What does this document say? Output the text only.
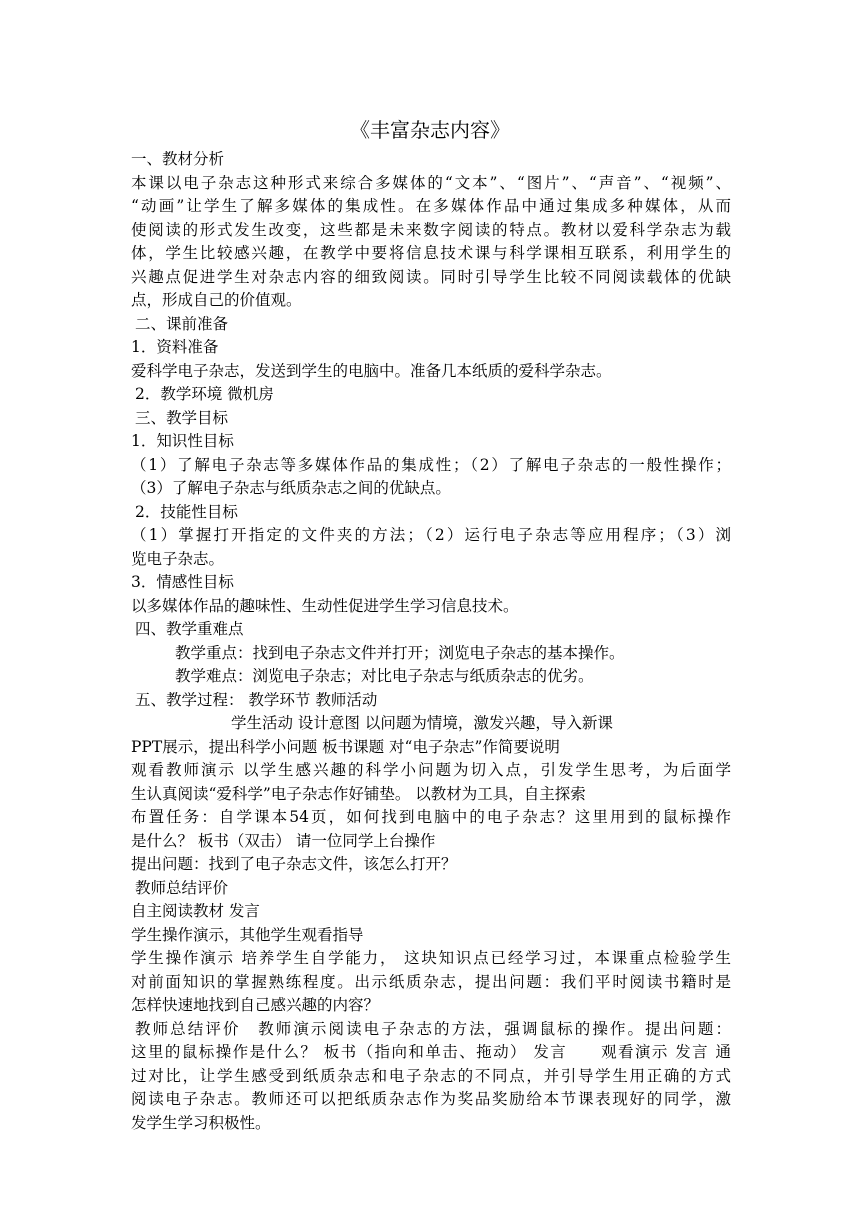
《丰富杂志内容》
一、教材分析
本课以电子杂志这种形式来综合多媒体的“文本”、“图片”、“声音”、“视频”、
“动画”让学生了解多媒体的集成性。在多媒体作品中通过集成多种媒体，从而
使阅读的形式发生改变，这些都是未来数字阅读的特点。教材以爱科学杂志为载
体，学生比较感兴趣，在教学中要将信息技术课与科学课相互联系，利用学生的
兴趣点促进学生对杂志内容的细致阅读。同时引导学生比较不同阅读载体的优缺
点，形成自己的价值观。
二、课前准备
1．资料准备
爱科学电子杂志，发送到学生的电脑中。准备几本纸质的爱科学杂志。
2．教学环境 微机房
三、教学目标
1．知识性目标
（1）了解电子杂志等多媒体作品的集成性；（2）了解电子杂志的一般性操作；
（3）了解电子杂志与纸质杂志之间的优缺点。
2．技能性目标
（1）掌握打开指定的文件夹的方法；（2）运行电子杂志等应用程序；（3）浏
览电子杂志。
3．情感性目标
以多媒体作品的趣味性、生动性促进学生学习信息技术。
四、教学重难点
教学重点：找到电子杂志文件并打开；浏览电子杂志的基本操作。
教学难点：浏览电子杂志；对比电子杂志与纸质杂志的优劣。
五、教学过程： 教学环节 教师活动
学生活动 设计意图 以问题为情境，激发兴趣，导入新课
PPT展示，提出科学小问题 板书课题 对“电子杂志”作简要说明
观看教师演示 以学生感兴趣的科学小问题为切入点，引发学生思考，为后面学
生认真阅读“爱科学”电子杂志作好铺垫。 以教材为工具，自主探索
布置任务：自学课本54页，如何找到电脑中的电子杂志？这里用到的鼠标操作
是什么？ 板书（双击） 请一位同学上台操作
提出问题：找到了电子杂志文件，该怎么打开？
教师总结评价
自主阅读教材 发言
学生操作演示，其他学生观看指导
学生操作演示 培养学生自学能力， 这块知识点已经学习过，本课重点检验学生
对前面知识的掌握熟练程度。出示纸质杂志，提出问题：我们平时阅读书籍时是
怎样快速地找到自己感兴趣的内容？
教师总结评价　教师演示阅读电子杂志的方法，强调鼠标的操作。提出问题：
这里的鼠标操作是什么？ 板书（指向和单击、拖动） 发言　　观看演示 发言 通
过对比，让学生感受到纸质杂志和电子杂志的不同点，并引导学生用正确的方式
阅读电子杂志。教师还可以把纸质杂志作为奖品奖励给本节课表现好的同学，激
发学生学习积极性。
